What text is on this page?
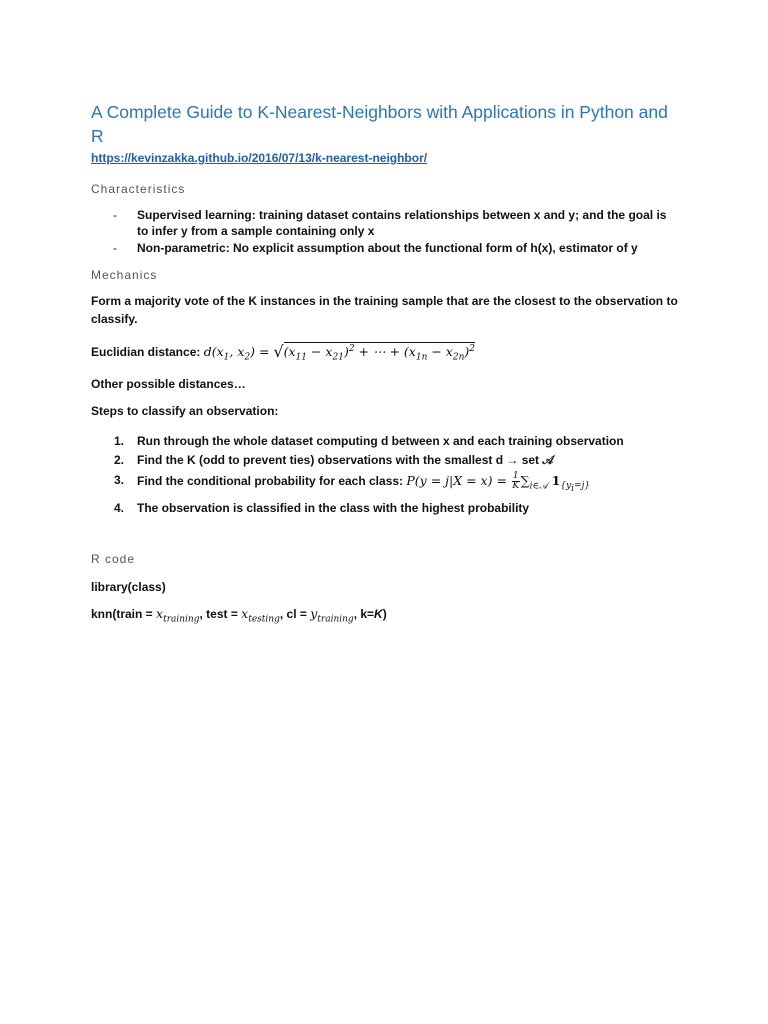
A Complete Guide to K-Nearest-Neighbors with Applications in Python and R
https://kevinzakka.github.io/2016/07/13/k-nearest-neighbor/
Characteristics
- Supervised learning: training dataset contains relationships between x and y; and the goal is to infer y from a sample containing only x
- Non-parametric: No explicit assumption about the functional form of h(x), estimator of y
Mechanics

Form a majority vote of the K instances in the training sample that are the closest to the observation to classify.

Euclidian distance: $d(x_1$, $x_2) = √(x_{11} - x_{21})^2$ + ⋯ + $(x_{1n} - x_{2n})^2$

Other possible distances…

Steps to classify an observation:

1. Run through the whole dataset computing d between x and each training observation
2. Find the K (odd to prevent ties) observations with the smallest d → set 𝒜
3. Find the conditional probability for each class: $P(y = j|X = x) = \frac{1}{K} \sum_{i\in 𝒜}$ $1_{\{y_i=j\}}$
4. The observation is classified in the class with the highest probability
R code

library(class)

knn(train = $x_{training}$, test = $x_{testing}$, cl = $y_{training}$, k=K)
